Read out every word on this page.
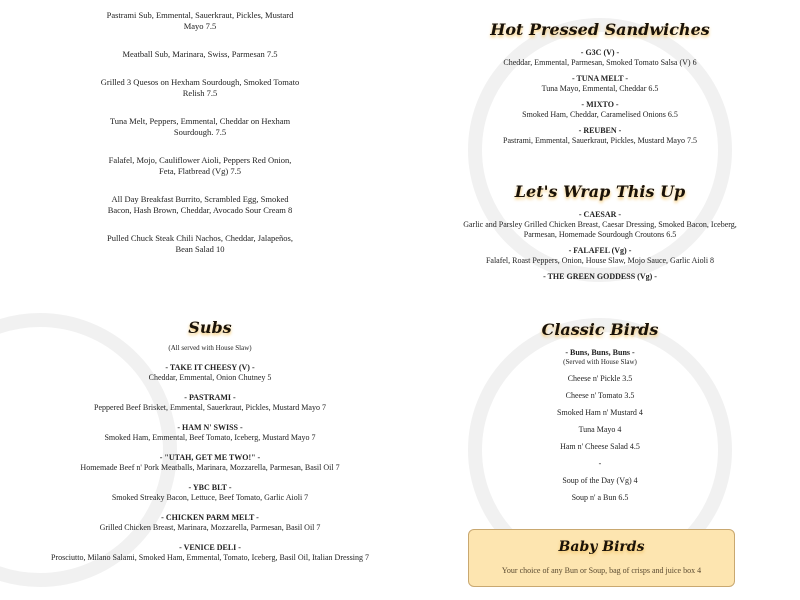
Pastrami Sub, Emmental, Sauerkraut, Pickles, Mustard Mayo 7.5
Meatball Sub, Marinara, Swiss, Parmesan 7.5
Grilled 3 Quesos on Hexham Sourdough, Smoked Tomato Relish 7.5
Tuna Melt, Peppers, Emmental, Cheddar on Hexham Sourdough. 7.5
Falafel, Mojo, Cauliflower Aioli, Peppers Red Onion, Feta, Flatbread (Vg) 7.5
All Day Breakfast Burrito, Scrambled Egg, Smoked Bacon, Hash Brown, Cheddar, Avocado Sour Cream 8
Pulled Chuck Steak Chili Nachos, Cheddar, Jalapeños, Bean Salad 10
Hot Pressed Sandwiches
- G3C (V) -
Cheddar, Emmental, Parmesan, Smoked Tomato Salsa (V) 6
- TUNA MELT -
Tuna Mayo, Emmental, Cheddar 6.5
- MIXTO -
Smoked Ham, Cheddar, Caramelised Onions 6.5
- REUBEN -
Pastrami, Emmental, Sauerkraut, Pickles, Mustard Mayo 7.5
Let's Wrap This Up
- CAESAR -
Garlic and Parsley Grilled Chicken Breast, Caesar Dressing, Smoked Bacon, Iceberg, Parmesan, Homemade Sourdough Croutons 6.5
- FALAFEL (Vg) -
Falafel, Roast Peppers, Onion, House Slaw, Mojo Sauce, Garlic Aioli 8
- THE GREEN GODDESS (Vg) -
Subs
(All served with House Slaw)
- TAKE IT CHEESY (V) -
Cheddar, Emmental, Onion Chutney 5
- PASTRAMI -
Peppered Beef Brisket, Emmental, Sauerkraut, Pickles, Mustard Mayo 7
- HAM N' SWISS -
Smoked Ham, Emmental, Beef Tomato, Iceberg, Mustard Mayo 7
- "UTAH, GET ME TWO!" -
Homemade Beef n' Pork Meatballs, Marinara, Mozzarella, Parmesan, Basil Oil 7
- YBC BLT -
Smoked Streaky Bacon, Lettuce, Beef Tomato, Garlic Aioli 7
- CHICKEN PARM MELT -
Grilled Chicken Breast, Marinara, Mozzarella, Parmesan, Basil Oil 7
- VENICE DELI -
Prosciutto, Milano Salami, Smoked Ham, Emmental, Tomato, Iceberg, Basil Oil, Italian Dressing 7
Classic Birds
- Buns, Buns, Buns -
(Served with House Slaw)
Cheese n' Pickle 3.5
Cheese n' Tomato 3.5
Smoked Ham n' Mustard 4
Tuna Mayo 4
Ham n' Cheese Salad 4.5
-
Soup of the Day (Vg) 4
Soup n' a Bun 6.5
Baby Birds
Your choice of any Bun or Soup, bag of crisps and juice box 4
